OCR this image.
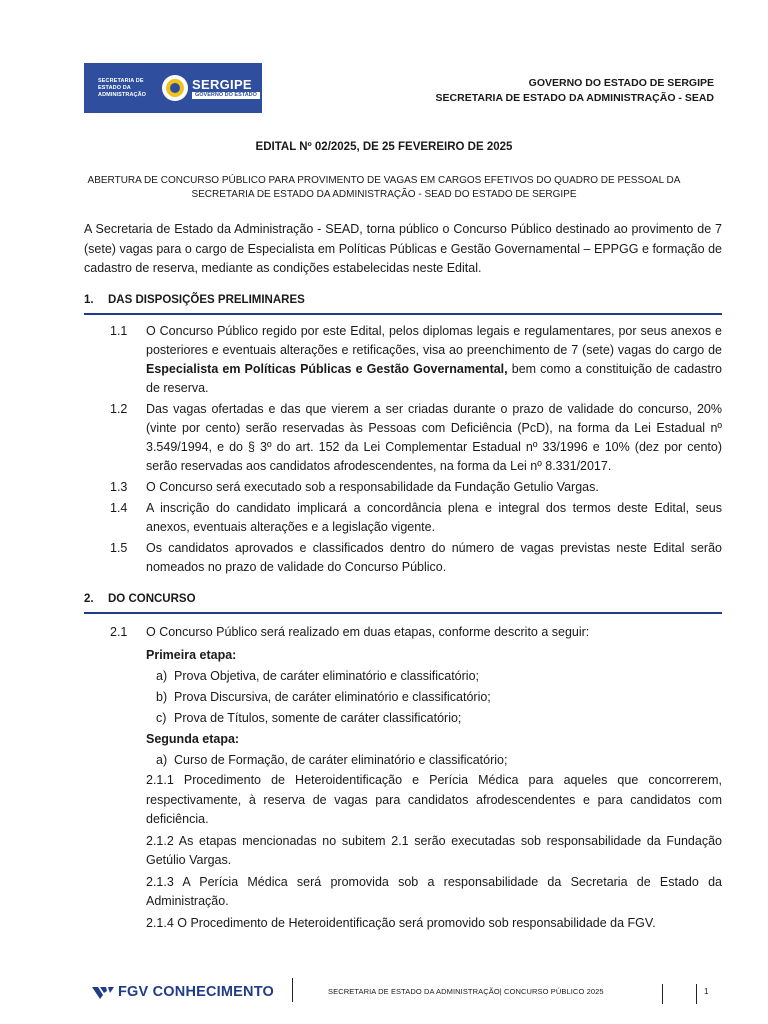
SECRETARIA DE ESTADO DA ADMINISTRAÇÃO
SERGIPE
GOVERNO DO ESTADO
GOVERNO DO ESTADO DE SERGIPE
SECRETARIA DE ESTADO DA ADMINISTRAÇÃO - SEAD
EDITAL Nº 02/2025, DE 25 FEVEREIRO DE 2025
ABERTURA DE CONCURSO PÚBLICO PARA PROVIMENTO DE VAGAS EM CARGOS EFETIVOS DO QUADRO DE PESSOAL DA SECRETARIA DE ESTADO DA ADMINISTRAÇÃO - SEAD DO ESTADO DE SERGIPE
A Secretaria de Estado da Administração - SEAD, torna público o Concurso Público destinado ao provimento de 7 (sete) vagas para o cargo de Especialista em Políticas Públicas e Gestão Governamental – EPPGG e formação de cadastro de reserva, mediante as condições estabelecidas neste Edital.
1. DAS DISPOSIÇÕES PRELIMINARES
1.1	O Concurso Público regido por este Edital, pelos diplomas legais e regulamentares, por seus anexos e posteriores e eventuais alterações e retificações, visa ao preenchimento de 7 (sete) vagas do cargo de Especialista em Políticas Públicas e Gestão Governamental, bem como a constituição de cadastro de reserva.
1.2	Das vagas ofertadas e das que vierem a ser criadas durante o prazo de validade do concurso, 20% (vinte por cento) serão reservadas às Pessoas com Deficiência (PcD), na forma da Lei Estadual nº 3.549/1994, e do § 3º do art. 152 da Lei Complementar Estadual nº 33/1996 e 10% (dez por cento) serão reservadas aos candidatos afrodescendentes, na forma da Lei nº 8.331/2017.
1.3	O Concurso será executado sob a responsabilidade da Fundação Getulio Vargas.
1.4	A inscrição do candidato implicará a concordância plena e integral dos termos deste Edital, seus anexos, eventuais alterações e a legislação vigente.
1.5	Os candidatos aprovados e classificados dentro do número de vagas previstas neste Edital serão nomeados no prazo de validade do Concurso Público.
2. DO CONCURSO
2.1	O Concurso Público será realizado em duas etapas, conforme descrito a seguir:
Primeira etapa:
a) Prova Objetiva, de caráter eliminatório e classificatório;
b) Prova Discursiva, de caráter eliminatório e classificatório;
c) Prova de Títulos, somente de caráter classificatório;
Segunda etapa:
a) Curso de Formação, de caráter eliminatório e classificatório;
2.1.1 Procedimento de Heteroidentificação e Perícia Médica para aqueles que concorrerem, respectivamente, à reserva de vagas para candidatos afrodescendentes e para candidatos com deficiência.
2.1.2 As etapas mencionadas no subitem 2.1 serão executadas sob responsabilidade da Fundação Getúlio Vargas.
2.1.3 A Perícia Médica será promovida sob a responsabilidade da Secretaria de Estado da Administração.
2.1.4 O Procedimento de Heteroidentificação será promovido sob responsabilidade da FGV.
FGV CONHECIMENTO	SECRETARIA DE ESTADO DA ADMINISTRAÇÃO| CONCURSO PÚBLICO 2025	1
